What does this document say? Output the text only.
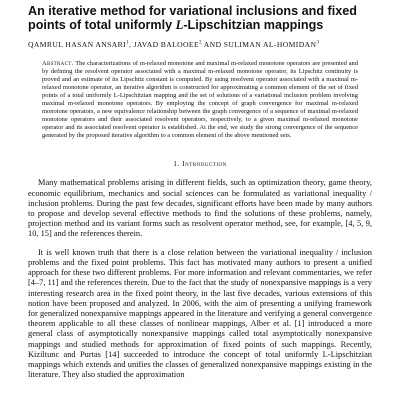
An iterative method for variational inclusions and fixed points of total uniformly L-Lipschitzian mappings
QAMRUL HASAN ANSARI$^1$, JAVAD BALOOEE$^2$ AND SULIMAN AL-HOMIDAN$^3$
Abstract. The characterizations of m-relaxed monotone and maximal m-relaxed monotone operators are presented and by defining the resolvent operator associated with a maximal m-relaxed monotone operator, its Lipschitz continuity is proved and an estimate of its Lipschitz constant is computed. By using resolvent operator associated with a maximal m-relaxed monotone operator, an iterative algorithm is constructed for approximating a common element of the set of fixed points of a total uniformly L-Lipschitzian mapping and the set of solutions of a variational inclusion problem involving maximal m-relaxed monotone operators. By employing the concept of graph convergence for maximal m-relaxed monotone operators, a new equivalence relationship between the graph convergence of a sequence of maximal m-relaxed monotone operators and their associated resolvent operators, respectively, to a given maximal m-relaxed monotone operator and its associated resolvent operator is established. At the end, we study the strong convergence of the sequence generated by the proposed iterative algorithm to a common element of the above mentioned sets.
1. Introduction

Many mathematical problems arising in different fields, such as optimization theory, game theory, economic equilibrium, mechanics and social sciences can be formulated as variational inequality / inclusion problems. During the past few decades, significant efforts have been made by many authors to propose and develop several effective methods to find the solutions of these problems, namely, projection method and its variant forms such as resolvent operator method, see, for example, [4, 5, 9, 10, 15] and the references therein.

It is well known truth that there is a close relation between the variational inequality / inclusion problems and the fixed point problems. This fact has motivated many authors to present a unified approach for these two different problems. For more information and relevant commentaries, we refer [4–7, 11] and the references therein. Due to the fact that the study of nonexpansive mappings is a very interesting research area in the fixed point theory, in the last five decades, various extensions of this notion have been proposed and analyzed. In 2006, with the aim of presenting a unifying framework for generalized nonexpansive mappings appeared in the literature and verifying a general convergence theorem applicable to all these classes of nonlinear mappings, Alber et al. [1] introduced a more general class of asymptotically nonexpansive mappings called total asymptotically nonexpansive mappings and studied methods for approximation of fixed points of such mappings. Recently, Kiziltunc and Purtas [14] succeeded to introduce the concept of total uniformly L-Lipschitzian mappings which extends and unifies the classes of generalized nonexpansive mappings existing in the literature. They also studied the approximation
